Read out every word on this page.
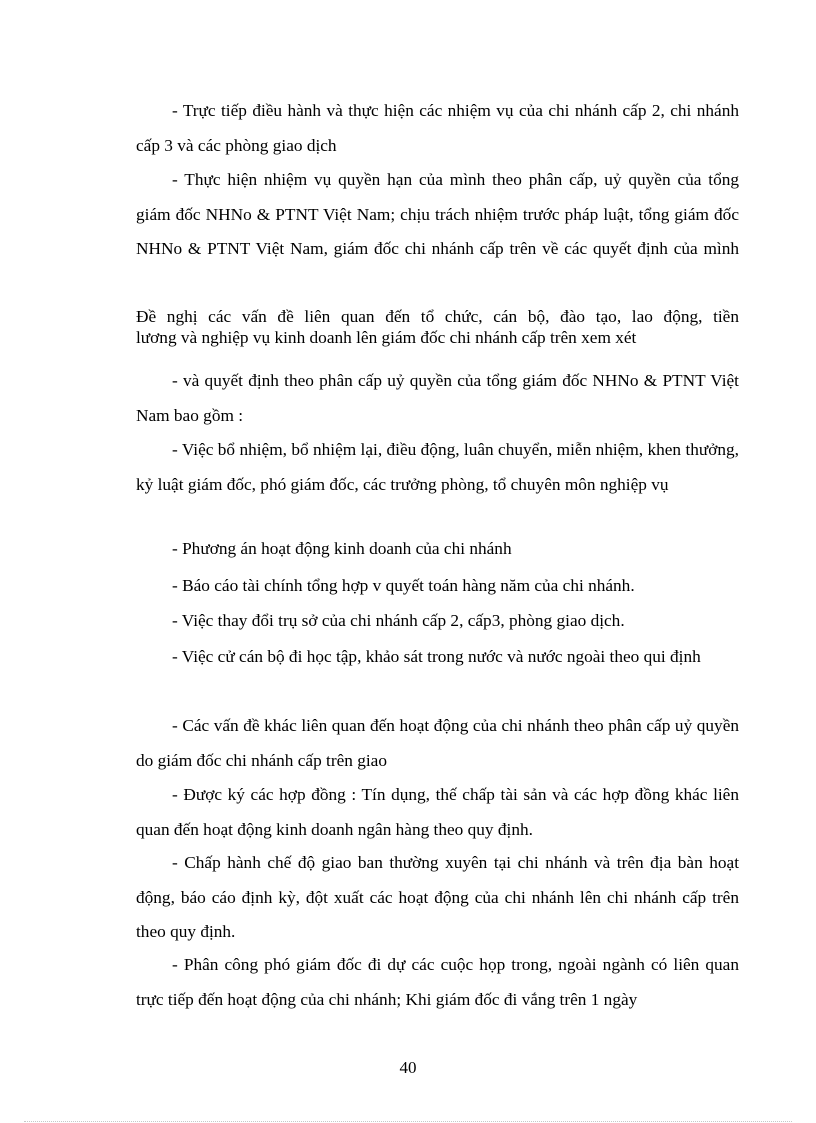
- Trực tiếp điều hành và thực hiện các nhiệm vụ của chi nhánh cấp 2, chi nhánh cấp 3 và các phòng giao dịch

- Thực hiện nhiệm vụ quyền hạn của mình theo phân cấp, uỷ quyền của tổng giám đốc NHNo & PTNT Việt Nam; chịu trách nhiệm trước pháp luật, tổng giám đốc NHNo & PTNT Việt Nam, giám đốc chi nhánh cấp trên về các quyết định của mình

Đề nghị các vấn đề liên quan đến tổ chức, cán bộ, đào tạo, lao động, tiền
lương và nghiệp vụ kinh doanh lên giám đốc chi nhánh cấp trên xem xét

- và quyết định theo phân cấp uỷ quyền của tổng giám đốc NHNo & PTNT Việt Nam bao gồm :

- Việc bổ nhiệm, bổ nhiệm lại, điều động, luân chuyển, miễn nhiệm, khen thưởng, kỷ luật giám đốc, phó giám đốc, các trưởng phòng, tổ chuyên môn nghiệp vụ

- Phương án hoạt động kinh doanh của chi nhánh

- Báo cáo tài chính tổng hợp v quyết toán hàng năm của chi nhánh.

- Việc thay đổi trụ sở của chi nhánh cấp 2, cấp3, phòng giao dịch.

- Việc cử cán bộ đi học tập, khảo sát trong nước và nước ngoài theo qui định

- Các vấn đề khác liên quan đến hoạt động của chi nhánh theo phân cấp uỷ quyền do giám đốc chi nhánh cấp trên giao

- Được ký các hợp đồng : Tín dụng, thế chấp tài sản và các hợp đồng khác liên quan đến hoạt động kinh doanh ngân hàng theo quy định.

- Chấp hành chế độ giao ban thường xuyên tại chi nhánh và trên địa bàn hoạt động, báo cáo định kỳ, đột xuất các hoạt động của chi nhánh lên chi nhánh cấp trên theo quy định.

- Phân công phó giám đốc đi dự các cuộc họp trong, ngoài ngành có liên quan trực tiếp đến hoạt động của chi nhánh; Khi giám đốc đi vắng trên 1 ngày

40
